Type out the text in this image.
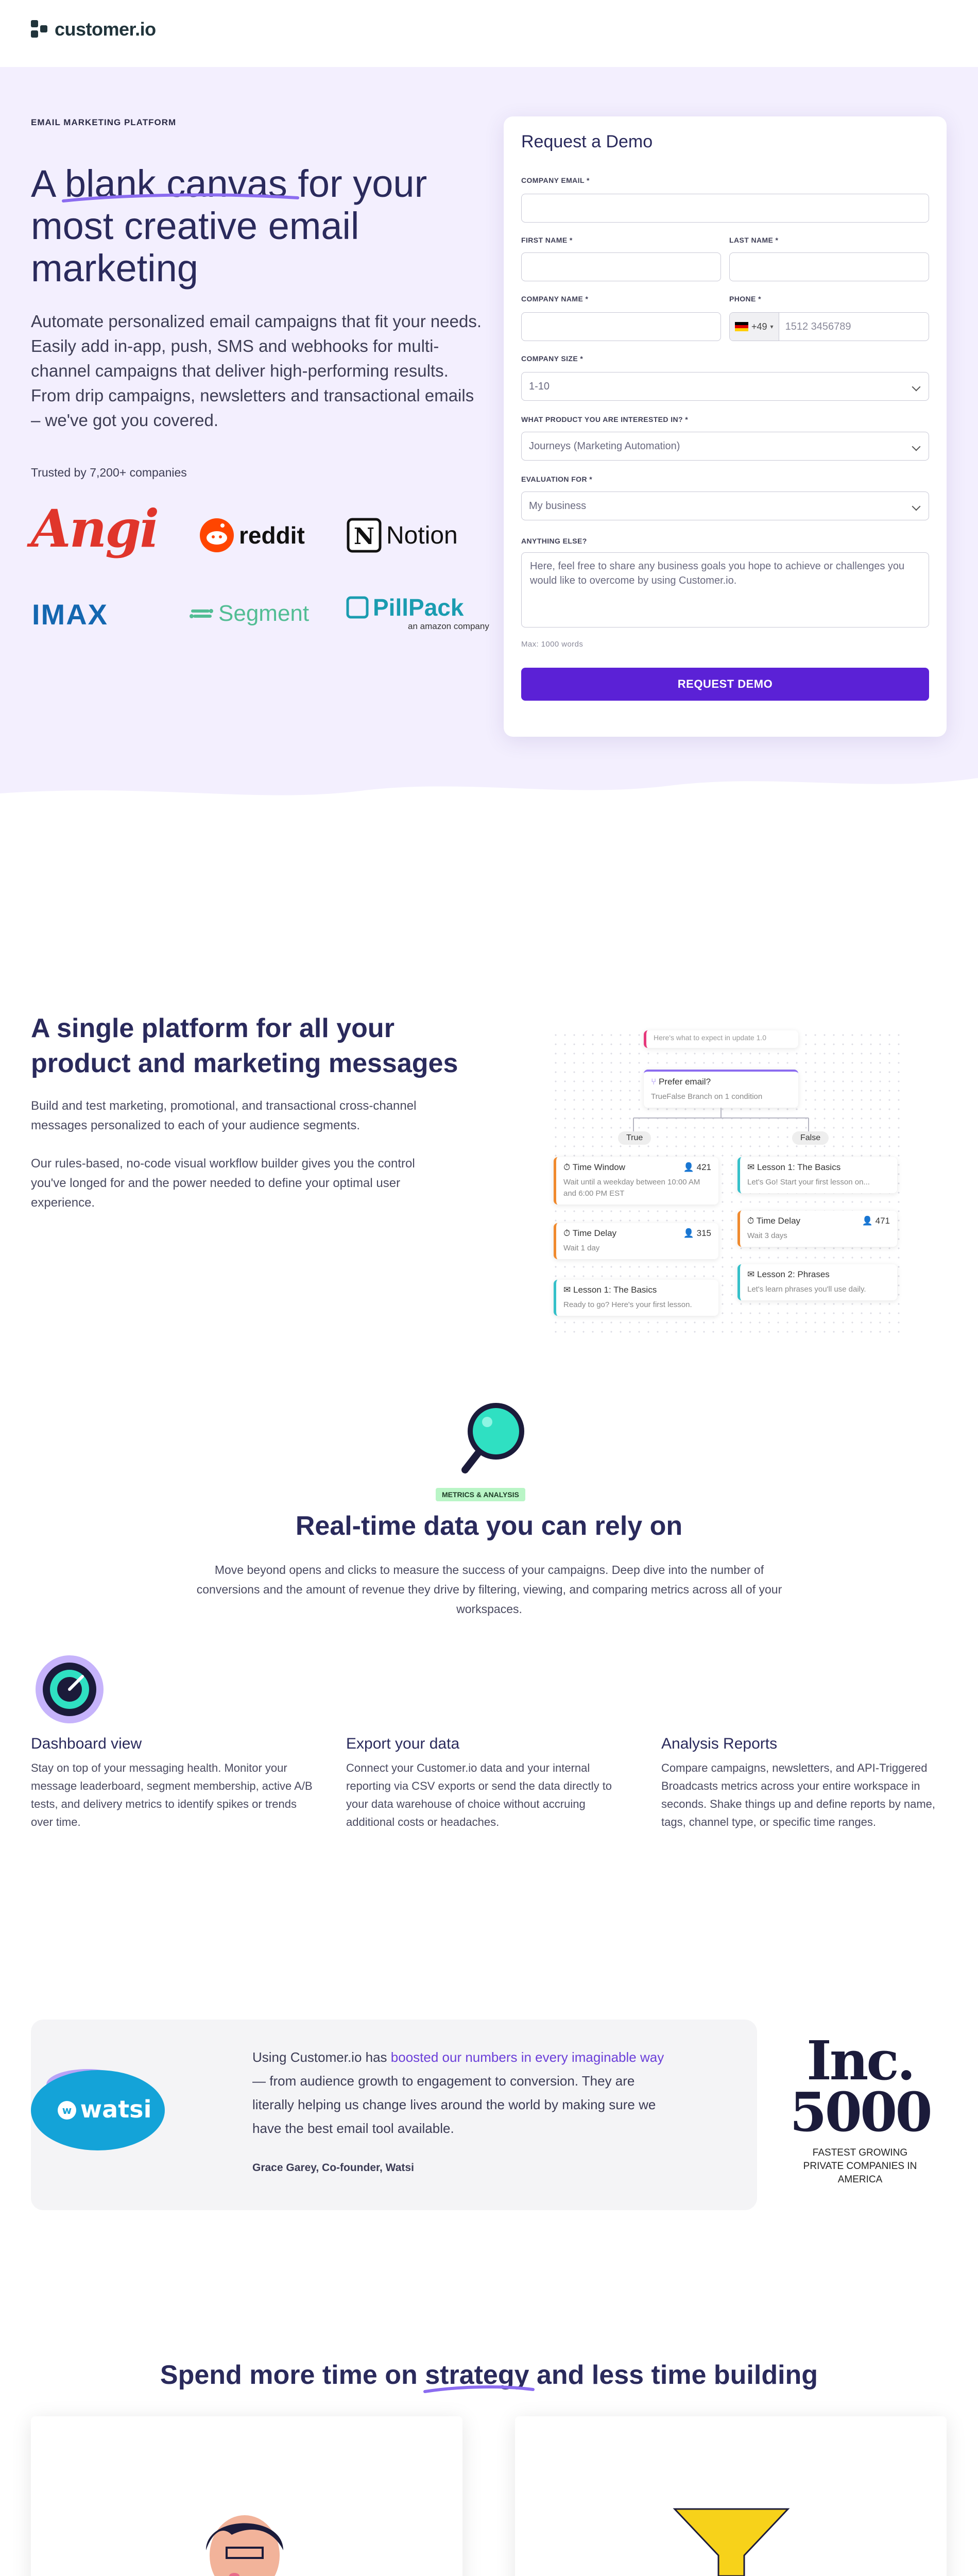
customer.io
EMAIL MARKETING PLATFORM
A blank canvas
for your most creative email marketing

Automate personalized email campaigns that fit your needs. Easily add in-app, push, SMS and webhooks for multi-channel campaigns that deliver high-performing results. From drip campaigns, newsletters and transactional emails – we've got you covered.

Trusted by 7,200+ companies
Angi	reddit N Notion
IMAX	Segment	PillPack
an amazon company
Request a Demo
COMPANY EMAIL *
FIRST NAME *	LAST NAME *
COMPANY NAME *	PHONE *
+49 ▾ 1512 3456789
COMPANY SIZE *
1-10
WHAT PRODUCT YOU ARE INTERESTED IN? *
Journeys (Marketing Automation)
EVALUATION FOR *
My business
ANYTHING ELSE?
Here, feel free to share any business goals you hope to achieve or challenges you would like to overcome by using Customer.io.
Max: 1000 words
REQUEST DEMO
A single platform for all your product and marketing messages

Build and test marketing, promotional, and transactional cross-channel messages personalized to each of your audience segments.

Our rules-based, no-code visual workflow builder gives you the control you've longed for and the power needed to define your optimal user experience.

Here's what to expect in update 1.0
⑂ Prefer email?
TrueFalse Branch on 1 condition
True	False
⏱ Time Window	👤 421
Wait until a weekday between 10:00 AM and 6:00 PM EST
✉ Lesson 1: The Basics
Let's Go! Start your first lesson on...
⏱ Time Delay	👤 471
Wait 3 days
⏱ Time Delay	👤 315
Wait 1 day
✉ Lesson 1: The Basics
Ready to go? Here's your first lesson.
✉ Lesson 2: Phrases
Let's learn phrases you'll use daily.
METRICS & ANALYSIS
Real-time data you can rely on

Move beyond opens and clicks to measure the success of your campaigns. Deep dive into the number of conversions and the amount of revenue they drive by filtering, viewing, and comparing metrics across all of your workspaces.

Dashboard view

Stay on top of your messaging health. Monitor your message leaderboard, segment membership, active A/B tests, and delivery metrics to identify spikes or trends over time.

Export your data

Connect your Customer.io data and your internal reporting via CSV exports or send the data directly to your data warehouse of choice without accruing additional costs or headaches.

Analysis Reports

Compare campaigns, newsletters, and API-Triggered Broadcasts metrics across your entire workspace in seconds. Shake things up and define reports by name, tags, channel type, or specific time ranges.

w watsi

Using Customer.io has boosted our numbers in every imaginable way — from audience growth to engagement to conversion. They are literally helping us change lives around the world by making sure we have the best email tool available.

Grace Garey, Co-founder, Watsi
Inc.
5000
FASTEST GROWING PRIVATE COMPANIES IN AMERICA
Spend more time on strategy
and less time building
